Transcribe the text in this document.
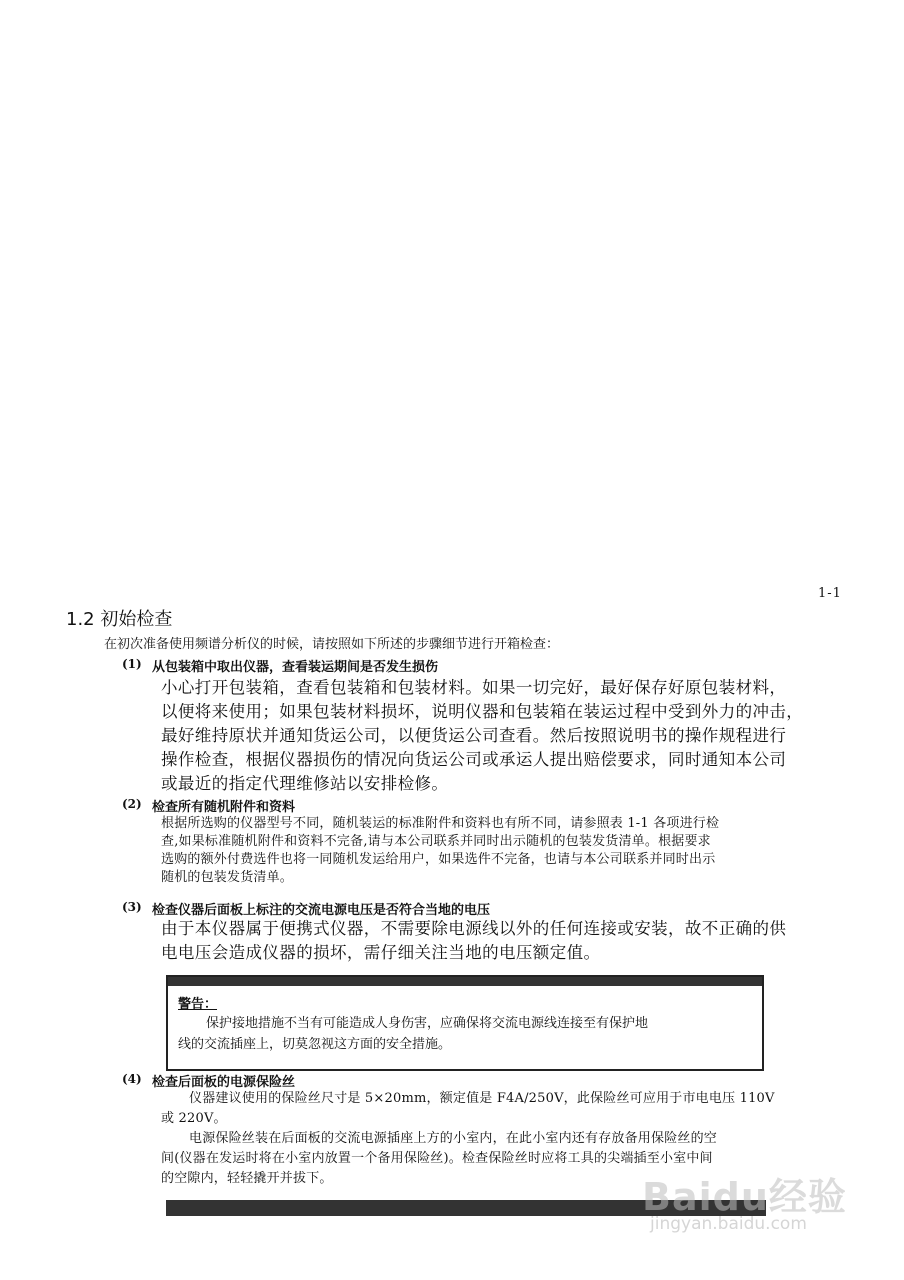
1-1
1.2 初始检查
在初次准备使用频谱分析仪的时候，请按照如下所述的步骤细节进行开箱检查：
(1) 从包装箱中取出仪器，查看装运期间是否发生损伤

小心打开包装箱，查看包装箱和包装材料。如果一切完好，最好保存好原包装材料，

以便将来使用；如果包装材料损坏，说明仪器和包装箱在装运过程中受到外力的冲击，

最好维持原状并通知货运公司，以便货运公司查看。然后按照说明书的操作规程进行

操作检查，根据仪器损伤的情况向货运公司或承运人提出赔偿要求，同时通知本公司

或最近的指定代理维修站以安排检修。

(2) 检查所有随机附件和资料

根据所选购的仪器型号不同，随机装运的标准附件和资料也有所不同，请参照表 1-1 各项进行检

查,如果标准随机附件和资料不完备,请与本公司联系并同时出示随机的包装发货清单。根据要求

选购的额外付费选件也将一同随机发运给用户，如果选件不完备，也请与本公司联系并同时出示

随机的包装发货清单。

(3) 检查仪器后面板上标注的交流电源电压是否符合当地的电压

由于本仪器属于便携式仪器，不需要除电源线以外的任何连接或安装，故不正确的供

电电压会造成仪器的损坏，需仔细关注当地的电压额定值。

警告：

保护接地措施不当有可能造成人身伤害，应确保将交流电源线连接至有保护地

线的交流插座上，切莫忽视这方面的安全措施。

(4) 检查后面板的电源保险丝

仪器建议使用的保险丝尺寸是 5×20mm，额定值是 F4A/250V，此保险丝可应用于市电电压 110V

或 220V。

电源保险丝装在后面板的交流电源插座上方的小室内，在此小室内还有存放备用保险丝的空

间(仪器在发运时将在小室内放置一个备用保险丝)。检查保险丝时应将工具的尖端插至小室中间

的空隙内，轻轻撬开并拔下。	Baidu经验
jingyan.baidu.com
